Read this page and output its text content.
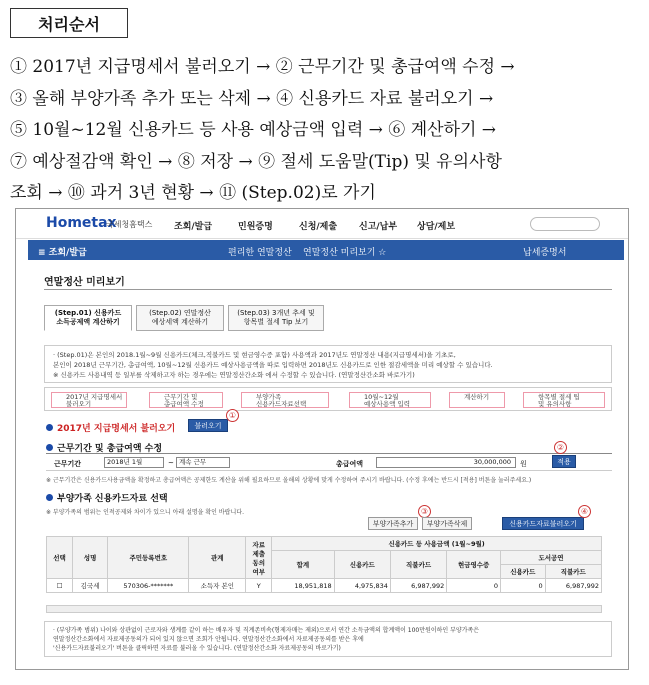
처리순서
① 2017년 지급명세서 불러오기 → ② 근무기간 및 총급여액 수정 →
③ 올해 부양가족 추가 또는 삭제 → ④ 신용카드 자료 불러오기 →
⑤ 10월~12월 신용카드 등 사용 예상금액 입력 → ⑥ 계산하기 →
⑦ 예상절감액 확인 → ⑧ 저장 → ⑨ 절세 도움말(Tip) 및 유의사항
조회 → ⑩ 과거 3년 현황 → ⑪ (Step.02)로 가기
Hometax
국세청홈택스 조회/발급	민원증명	신청/제출 신고/납부 상담/제보
≡ 조회/발급	편리한 연말정산 연말정산 미리보기 ☆	납세증명서
연말정산 미리보기
(Step.01) 신용카드
소득공제액 계산하기
(Step.02) 연말정산
예상세액 계산하기
(Step.03) 3개년 추세 및
항목별 절세 Tip 보기
· (Step.01)은 본인의 2018.1월~9월 신용카드(체크,직불카드 및 현금영수증 포함) 사용액과 2017년도 연말정산 내용(지급명세서)을 기초로,
본인이 2018년 근무기간, 총급여액, 10월~12월 신용카드 예상사용금액을 따로 입력하면 2018년도 신용카드로 인한 절감세액을 미리 예상할 수 있습니다.
※ 신용카드 사용내역 등 일부를 삭제하고자 하는 경우에는 연말정산간소화 에서 수정할 수 있습니다. (연말정산간소화 바로가기)
2017년 지급명세서
불러오기
근무기간 및
총급여액 수정
부양가족
신용카드자료선택
10월~12월
예상사용액 입력
계산하기	항목별 절세 팁
및 유의사항
2017년 지급명세서 불러오기	불러오기
①
근무기간 및 총급여액 수정
근무기간	2018년 1월	~ 계속 근무	총급여액	30,000,000	원	적용
②
※ 근무기간은 신용카드사용금액을 확정하고 총급여액은 공제한도 계산을 위해 필요하므로 올해의 상황에 맞게 수정하여 주시기 바랍니다. (수정 후에는 반드시 [적용] 버튼을 눌러주세요.)
부양가족 신용카드자료 선택
※ 부양가족의 범위는 인적공제와 차이가 있으니 아래 설명을 확인 바랍니다.	③
부양가족추가	부양가족삭제	신용카드자료불러오기
④
선택	성명	주민등록번호	관계	자료
제출
동의
여부	신용카드 등 사용금액 (1월~9월)					
					합계	신용카드	직불카드	현금영수증	도서공연	
									신용카드	직불카드
☐	김국세	570306-*******	소득자 본인	Y	18,951,818	4,975,834	6,987,992	0	0	6,987,992
· (부양가족 범위) 나이와 상관없이 근로자와 생계를 같이 하는 배우자 및 직계존비속(형제자매는 제외)으로서 연간 소득금액의 합계액이 100만원이하인 부양가족은
연말정산간소화에서 자료제공동의가 되어 있지 않으면 조회가 안됩니다. 연말정산간소화에서 자료제공동의를 받은 후에
'신용카드자료불러오기' 버튼을 클릭하면 자료를 불러올 수 있습니다. (연말정산간소화 자료제공동의 바로가기)
